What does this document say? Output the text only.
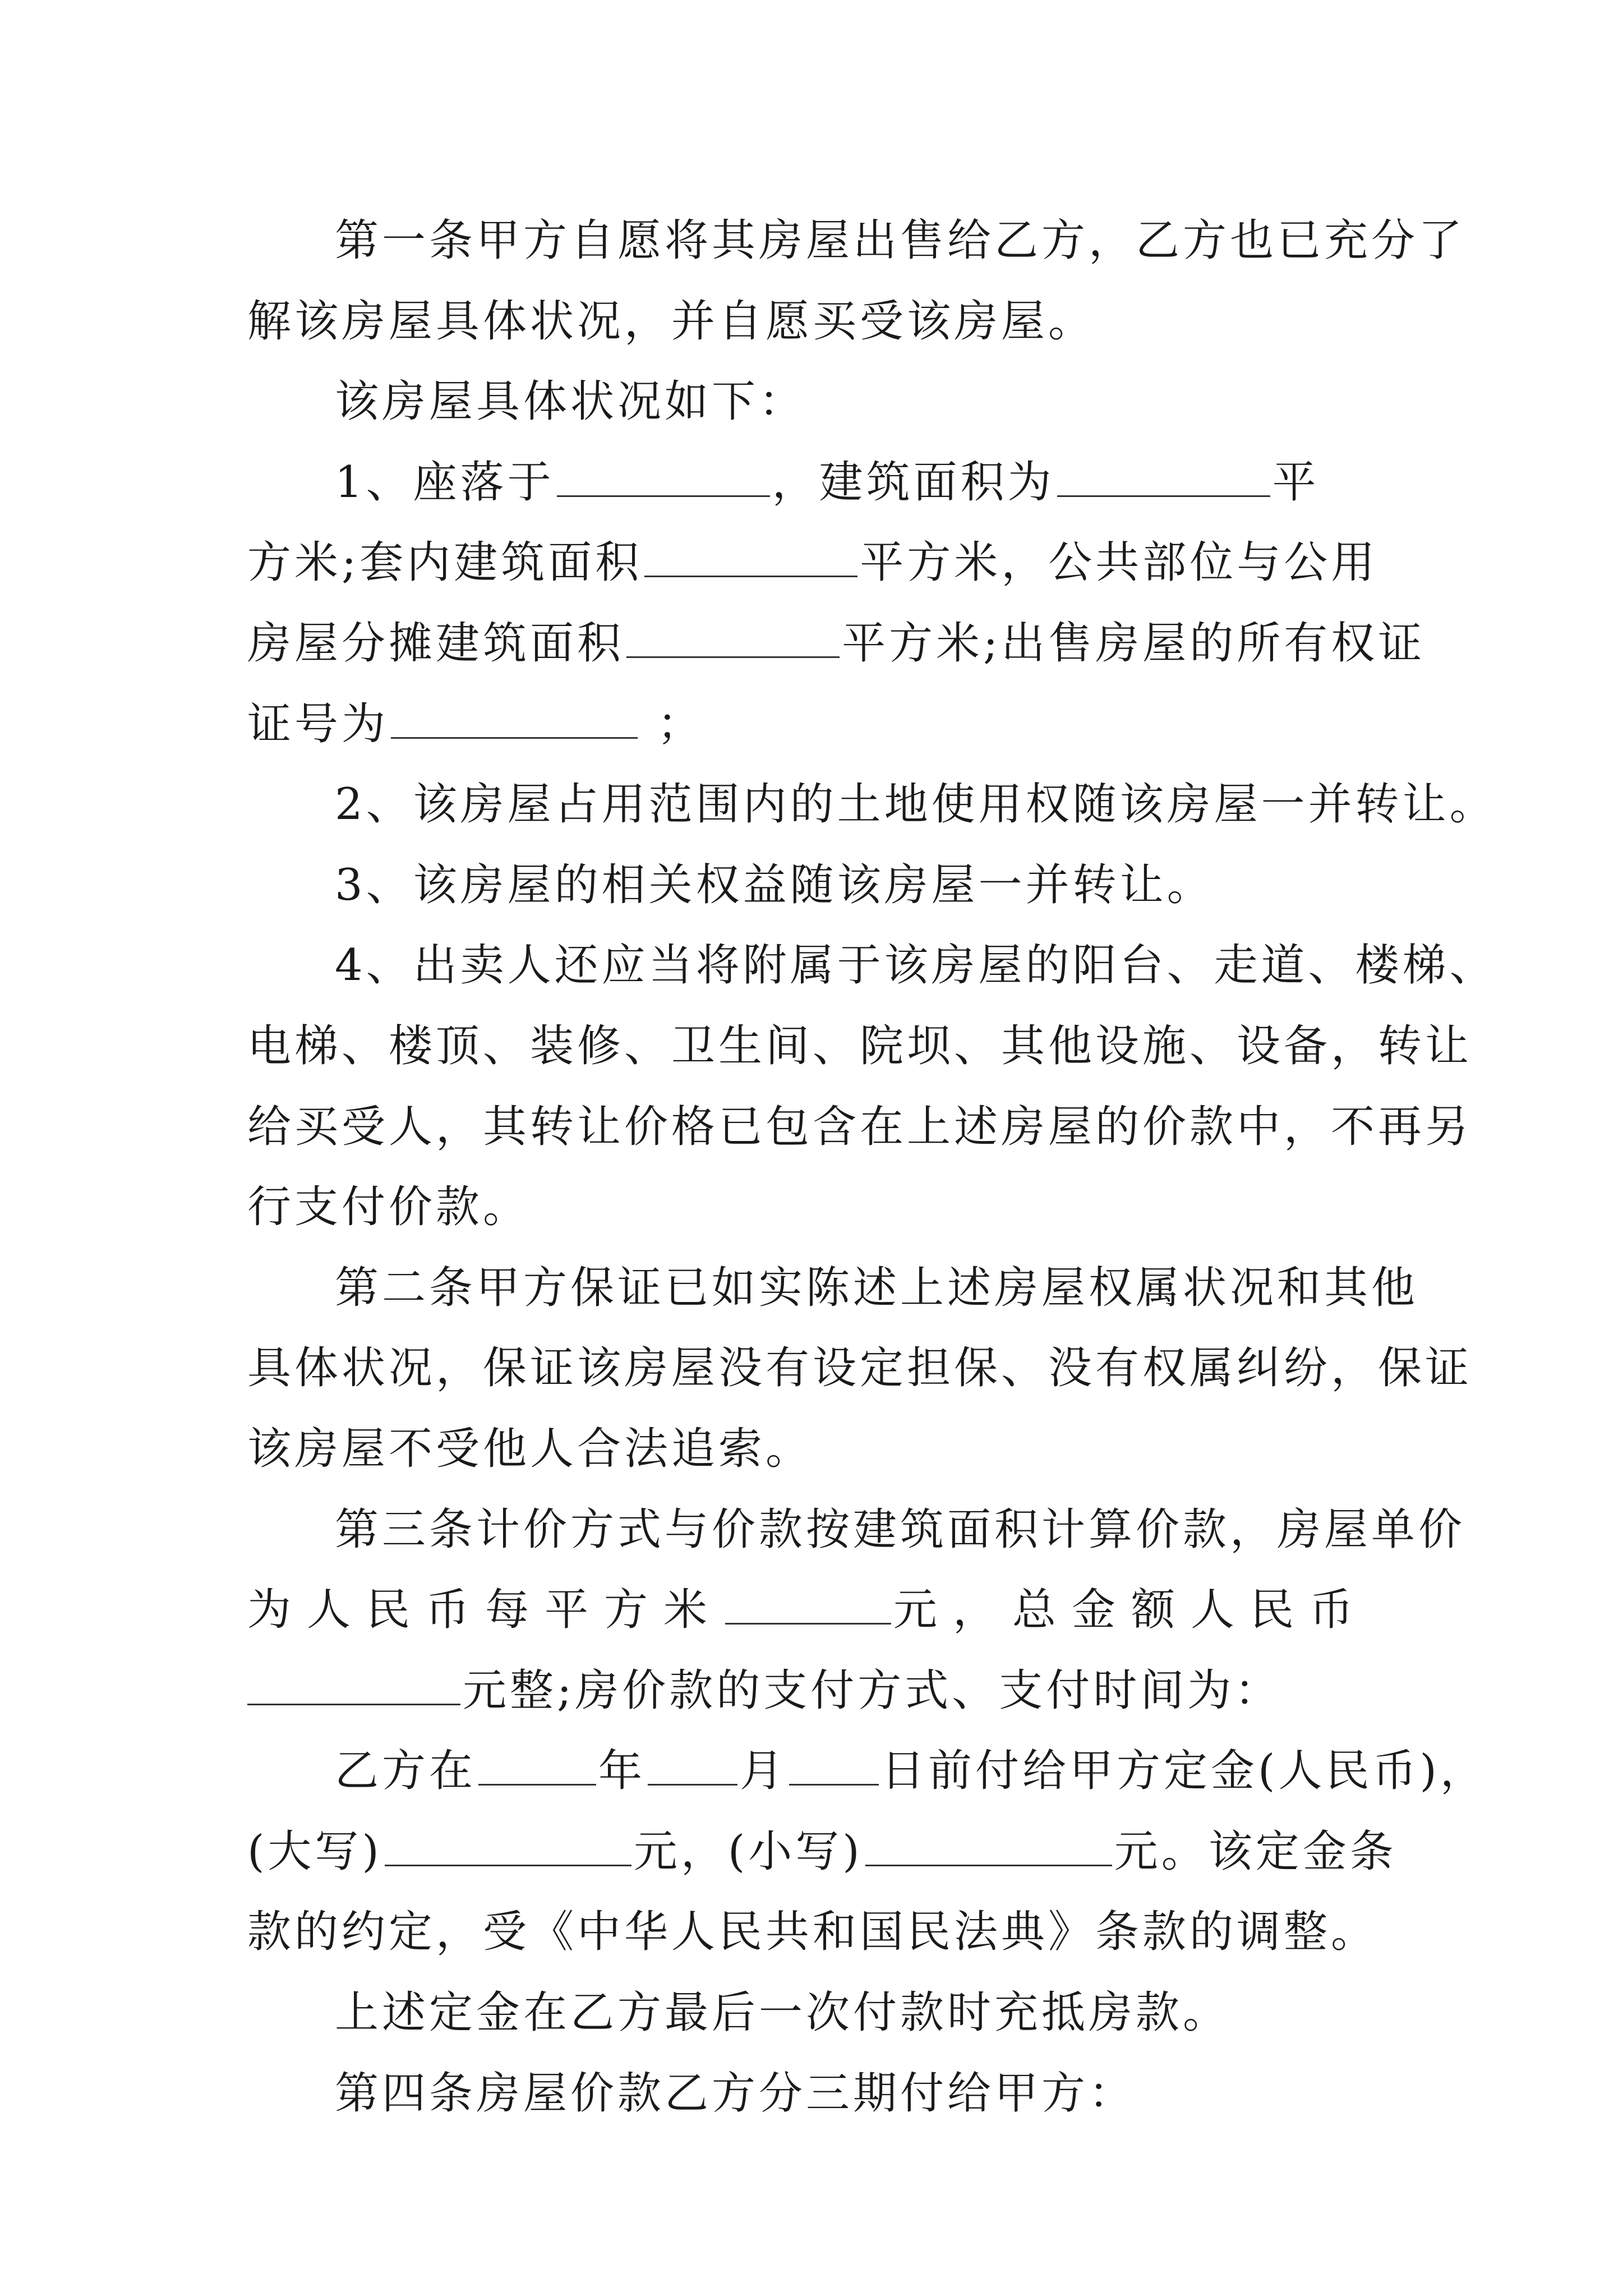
第一条甲方自愿将其房屋出售给乙方，乙方也已充分了
解该房屋具体状况，并自愿买受该房屋。
该房屋具体状况如下：
1、座落于	，建筑面积为	平
方米;套内建筑面积	平方米，公共部位与公用
房屋分摊建筑面积	平方米;出售房屋的所有权证
证号为	；
2、该房屋占用范围内的土地使用权随该房屋一并转让。
3、该房屋的相关权益随该房屋一并转让。
4、出卖人还应当将附属于该房屋的阳台、走道、楼梯、
电梯、楼顶、装修、卫生间、院坝、其他设施、设备，转让
给买受人，其转让价格已包含在上述房屋的价款中，不再另
行支付价款。
第二条甲方保证已如实陈述上述房屋权属状况和其他
具体状况，保证该房屋没有设定担保、没有权属纠纷，保证
该房屋不受他人合法追索。
第三条计价方式与价款按建筑面积计算价款，房屋单价
为人民币每平方米	元，总金额人民币
元整;房价款的支付方式、支付时间为：
乙方在	年 月 日前付给甲方定金(人民币)，
(大写)	元，(小写)	元。该定金条
款的约定，受《中华人民共和国民法典》条款的调整。
上述定金在乙方最后一次付款时充抵房款。
第四条房屋价款乙方分三期付给甲方：
